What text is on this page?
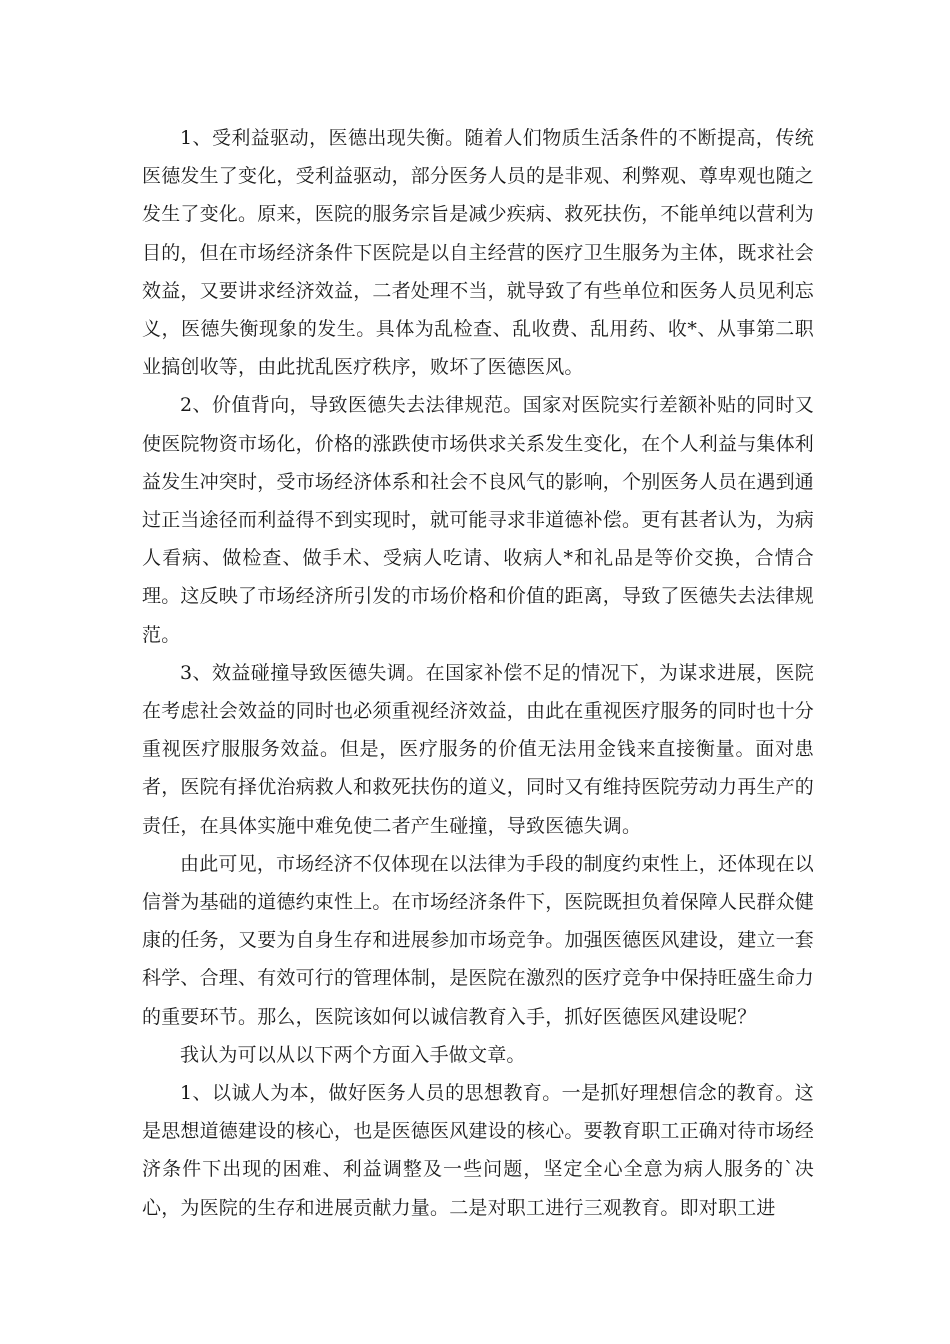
1、受利益驱动，医德出现失衡。随着人们物质生活条件的不断提高，传统医德发生了变化，受利益驱动，部分医务人员的是非观、利弊观、尊卑观也随之发生了变化。原来，医院的服务宗旨是减少疾病、救死扶伤，不能单纯以营利为目的，但在市场经济条件下医院是以自主经营的医疗卫生服务为主体，既求社会效益，又要讲求经济效益，二者处理不当，就导致了有些单位和医务人员见利忘义，医德失衡现象的发生。具体为乱检查、乱收费、乱用药、收*、从事第二职业搞创收等，由此扰乱医疗秩序，败坏了医德医风。

2、价值背向，导致医德失去法律规范。国家对医院实行差额补贴的同时又使医院物资市场化，价格的涨跌使市场供求关系发生变化，在个人利益与集体利益发生冲突时，受市场经济体系和社会不良风气的影响，个别医务人员在遇到通过正当途径而利益得不到实现时，就可能寻求非道德补偿。更有甚者认为，为病人看病、做检查、做手术、受病人吃请、收病人*和礼品是等价交换，合情合理。这反映了市场经济所引发的市场价格和价值的距离，导致了医德失去法律规范。

3、效益碰撞导致医德失调。在国家补偿不足的情况下，为谋求进展，医院在考虑社会效益的同时也必须重视经济效益，由此在重视医疗服务的同时也十分重视医疗服服务效益。但是，医疗服务的价值无法用金钱来直接衡量。面对患者，医院有择优治病救人和救死扶伤的道义，同时又有维持医院劳动力再生产的责任，在具体实施中难免使二者产生碰撞，导致医德失调。

由此可见，市场经济不仅体现在以法律为手段的制度约束性上，还体现在以信誉为基础的道德约束性上。在市场经济条件下，医院既担负着保障人民群众健康的任务，又要为自身生存和进展参加市场竞争。加强医德医风建设，建立一套科学、合理、有效可行的管理体制，是医院在激烈的医疗竞争中保持旺盛生命力的重要环节。那么，医院该如何以诚信教育入手，抓好医德医风建设呢？

我认为可以从以下两个方面入手做文章。

1、以诚人为本，做好医务人员的思想教育。一是抓好理想信念的教育。这是思想道德建设的核心，也是医德医风建设的核心。要教育职工正确对待市场经济条件下出现的困难、利益调整及一些问题，坚定全心全意为病人服务的`决心，为医院的生存和进展贡献力量。二是对职工进行三观教育。即对职工进
